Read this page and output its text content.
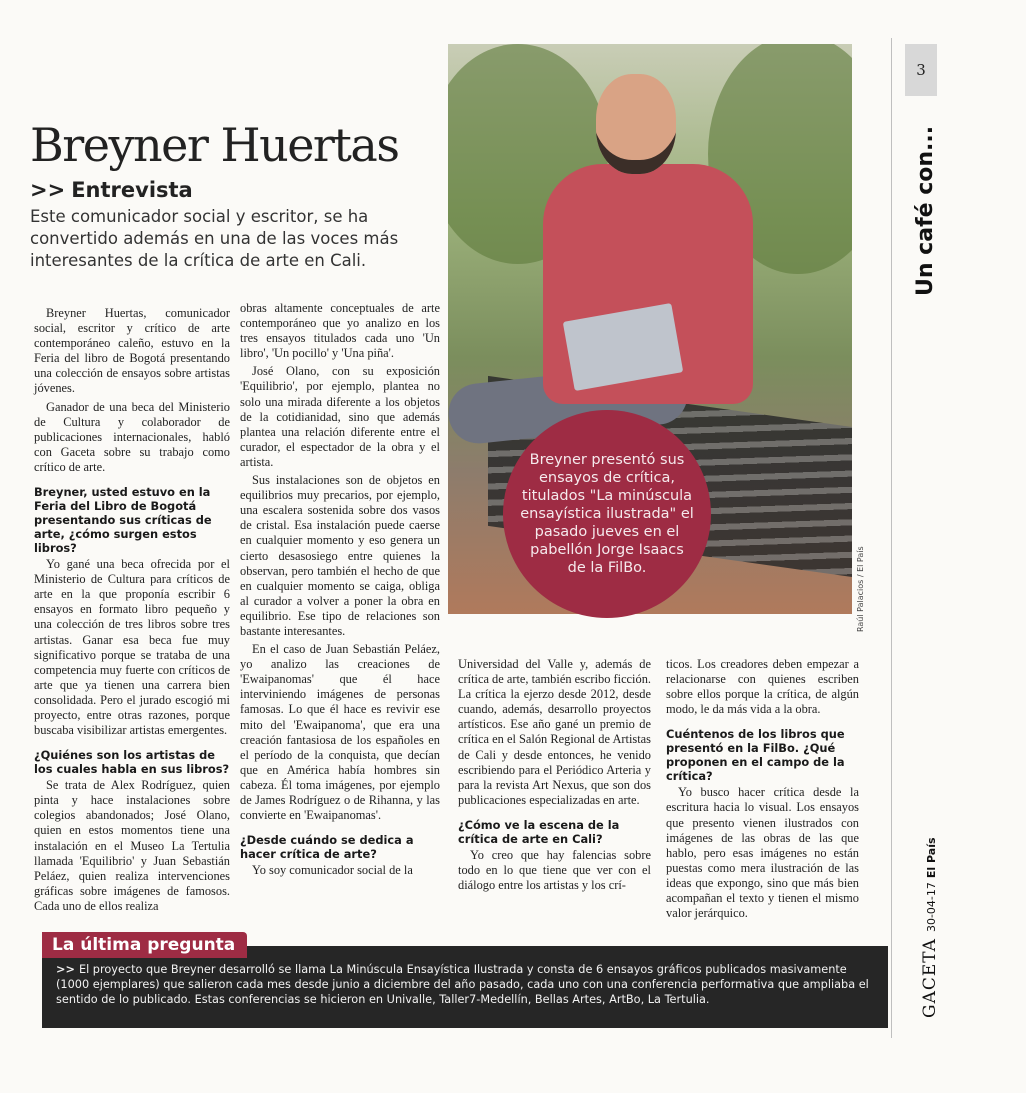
Breyner Huertas
>> Entrevista
Este comunicador social y escritor, se ha convertido además en una de las voces más interesantes de la crítica de arte en Cali.

Breyner Huertas, comunicador social, escritor y crítico de arte contemporáneo caleño, estuvo en la Feria del libro de Bogotá presentando una colección de ensayos sobre artistas jóvenes.

Ganador de una beca del Ministerio de Cultura y colaborador de publicaciones internacionales, habló con Gaceta sobre su trabajo como crítico de arte.

Breyner, usted estuvo en la Feria del Libro de Bogotá presentando sus críticas de arte, ¿cómo surgen estos libros?

Yo gané una beca ofrecida por el Ministerio de Cultura para críticos de arte en la que proponía escribir 6 ensayos en formato libro pequeño y una colección de tres libros sobre tres artistas. Ganar esa beca fue muy significativo porque se trataba de una competencia muy fuerte con críticos de arte que ya tienen una carrera bien consolidada. Pero el jurado escogió mi proyecto, entre otras razones, porque buscaba visibilizar artistas emergentes.

¿Quiénes son los artistas de los cuales habla en sus libros?

Se trata de Alex Rodríguez, quien pinta y hace instalaciones sobre colegios abandonados; José Olano, quien en estos momentos tiene una instalación en el Museo La Tertulia llamada 'Equilibrio' y Juan Sebastián Peláez, quien realiza intervenciones gráficas sobre imágenes de famosos. Cada uno de ellos realiza

obras altamente conceptuales de arte contemporáneo que yo analizo en los tres ensayos titulados cada uno 'Un libro', 'Un pocillo' y 'Una piña'.

José Olano, con su exposición 'Equilibrio', por ejemplo, plantea no solo una mirada diferente a los objetos de la cotidianidad, sino que además plantea una relación diferente entre el curador, el espectador de la obra y el artista.

Sus instalaciones son de objetos en equilibrios muy precarios, por ejemplo, una escalera sostenida sobre dos vasos de cristal. Esa instalación puede caerse en cualquier momento y eso genera un cierto desasosiego entre quienes la observan, pero también el hecho de que en cualquier momento se caiga, obliga al curador a volver a poner la obra en equilibrio. Ese tipo de relaciones son bastante interesantes.

En el caso de Juan Sebastián Peláez, yo analizo las creaciones de 'Ewaipanomas' que él hace interviniendo imágenes de personas famosas. Lo que él hace es revivir ese mito del 'Ewaipanoma', que era una creación fantasiosa de los españoles en el período de la conquista, que decían que en América había hombres sin cabeza. Él toma imágenes, por ejemplo de James Rodríguez o de Rihanna, y las convierte en 'Ewaipanomas'.

¿Desde cuándo se dedica a hacer crítica de arte?

Yo soy comunicador social de la

Raúl Palacios / El País
Breyner presentó sus ensayos de crítica, titulados "La minúscula ensayística ilustrada" el pasado jueves en el pabellón Jorge Isaacs de la FilBo.

Universidad del Valle y, además de crítica de arte, también escribo ficción. La crítica la ejerzo desde 2012, desde cuando, además, desarrollo proyectos artísticos. Ese año gané un premio de crítica en el Salón Regional de Artistas de Cali y desde entonces, he venido escribiendo para el Periódico Arteria y para la revista Art Nexus, que son dos publicaciones especializadas en arte.

¿Cómo ve la escena de la crítica de arte en Cali?

Yo creo que hay falencias sobre todo en lo que tiene que ver con el diálogo entre los artistas y los crí-

ticos. Los creadores deben empezar a relacionarse con quienes escriben sobre ellos porque la crítica, de algún modo, le da más vida a la obra.

Cuéntenos de los libros que presentó en la FilBo. ¿Qué proponen en el campo de la crítica?

Yo busco hacer crítica desde la escritura hacia lo visual. Los ensayos que presento vienen ilustrados con imágenes de las obras de las que hablo, pero esas imágenes no están puestas como mera ilustración de las ideas que expongo, sino que más bien acompañan el texto y tienen el mismo valor jerárquico.

3
Un café con...
GACETA30-04-17El País
>> El proyecto que Breyner desarrolló se llama La Minúscula Ensayística Ilustrada y consta de 6 ensayos gráficos publicados masivamente (1000 ejemplares) que salieron cada mes desde junio a diciembre del año pasado, cada uno con una conferencia performativa que ampliaba el sentido de lo publicado. Estas conferencias se hicieron en Univalle, Taller7-Medellín, Bellas Artes, ArtBo, La Tertulia.
La última pregunta
